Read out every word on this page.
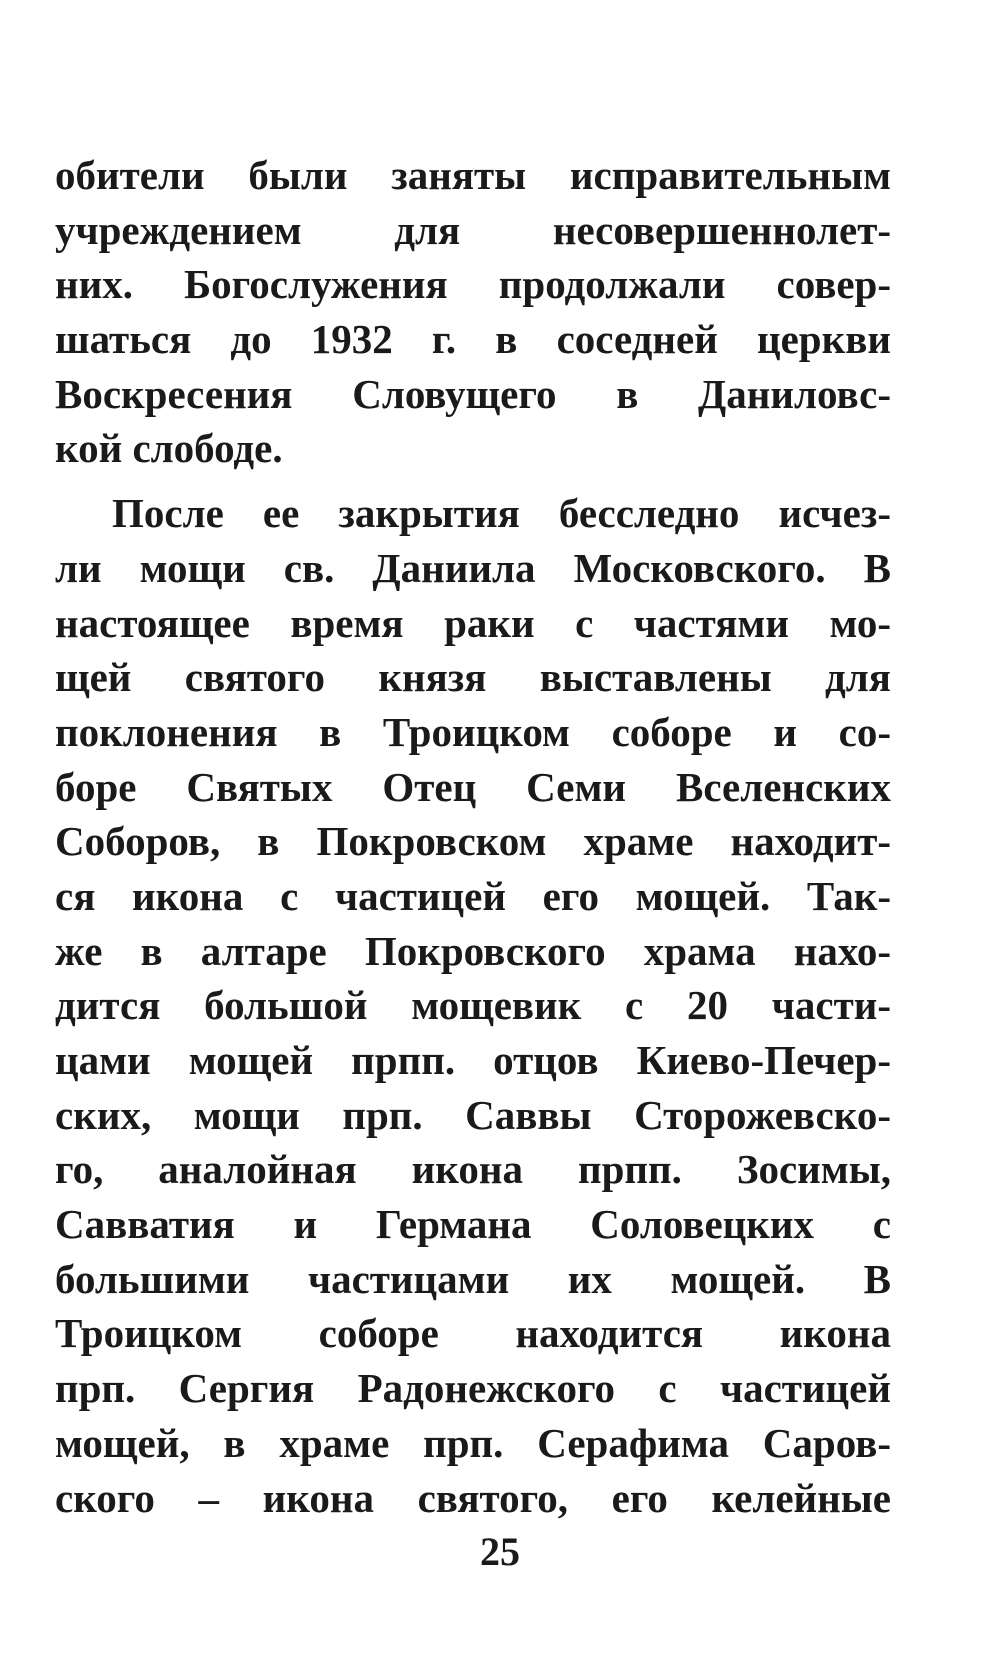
обители были заняты исправительным
учреждением для несовершеннолет-
них. Богослужения продолжали совер-
шаться до 1932 г. в соседней церкви
Воскресения Словущего в Даниловс-
кой слободе.
После ее закрытия бесследно исчез-
ли мощи св. Даниила Московского. В
настоящее время раки с частями мо-
щей святого князя выставлены для
поклонения в Троицком соборе и со-
боре Святых Отец Семи Вселенских
Соборов, в Покровском храме находит-
ся икона с частицей его мощей. Так-
же в алтаре Покровского храма нахо-
дится большой мощевик с 20 части-
цами мощей прпп. отцов Киево-Печер-
ских, мощи прп. Саввы Сторожевско-
го, аналойная икона прпп. Зосимы,
Савватия и Германа Соловецких с
большими частицами их мощей. В
Троицком соборе находится икона
прп. Сергия Радонежского с частицей
мощей, в храме прп. Серафима Саров-
ского – икона святого, его келейные
25
